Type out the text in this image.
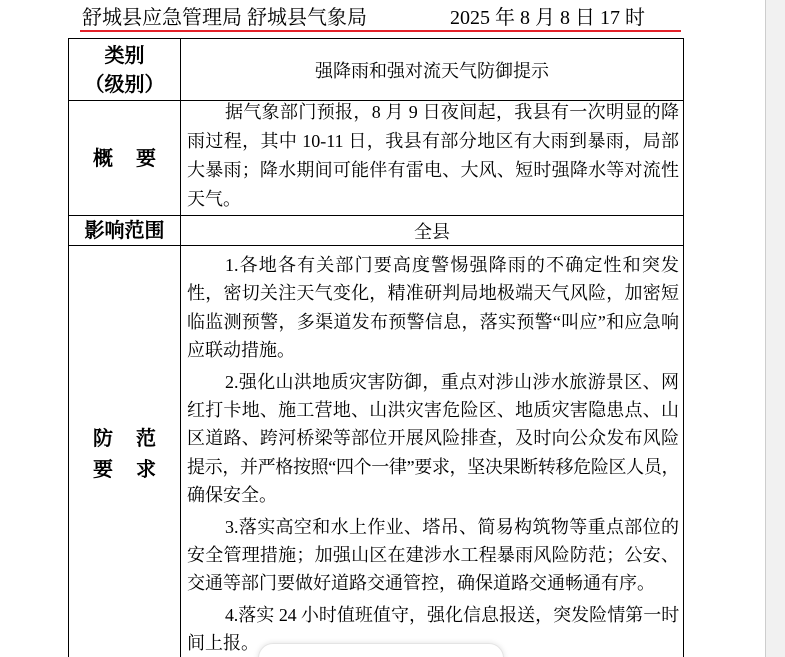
舒城县应急管理局 舒城县气象局	2025 年 8 月 8 日 17 时
类别
（级别）
强降雨和强对流天气防御提示
概 要
据气象部门预报，8 月 9 日夜间起，我县有一次明显的降
雨过程，其中 10-11 日，我县有部分地区有大雨到暴雨，局部
大暴雨；降水期间可能伴有雷电、大风、短时强降水等对流性
天气。
影响范围	全县
防 范
要 求
1.各地各有关部门要高度警惕强降雨的不确定性和突发
性，密切关注天气变化，精准研判局地极端天气风险，加密短
临监测预警，多渠道发布预警信息，落实预警“叫应”和应急响
应联动措施。
2.强化山洪地质灾害防御，重点对涉山涉水旅游景区、网
红打卡地、施工营地、山洪灾害危险区、地质灾害隐患点、山
区道路、跨河桥梁等部位开展风险排查，及时向公众发布风险
提示，并严格按照“四个一律”要求，坚决果断转移危险区人员，
确保安全。
3.落实高空和水上作业、塔吊、简易构筑物等重点部位的
安全管理措施；加强山区在建涉水工程暴雨风险防范；公安、
交通等部门要做好道路交通管控，确保道路交通畅通有序。
4.落实 24 小时值班值守，强化信息报送，突发险情第一时
间上报。
